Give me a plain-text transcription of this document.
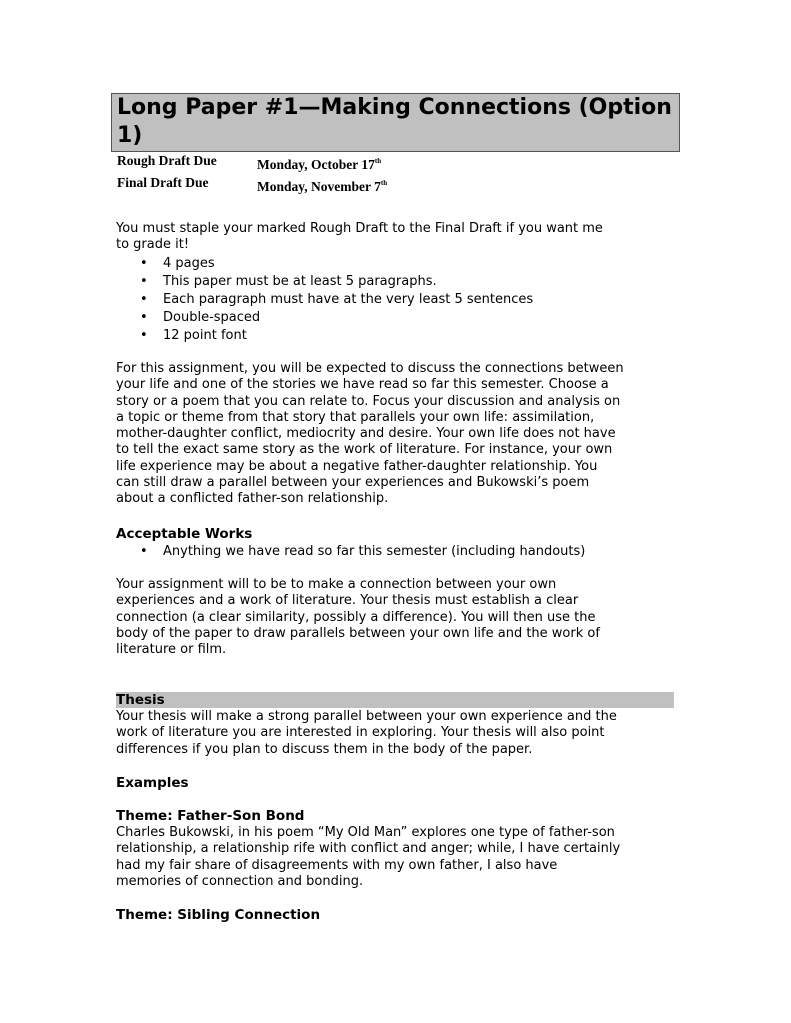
Long Paper #1—Making Connections (Option 1)
Rough Draft Due	Monday, October 17th
Final Draft Due	Monday, November 7th
You must staple your marked Rough Draft to the Final Draft if you want me
to grade it!
• 4 pages
• This paper must be at least 5 paragraphs.
• Each paragraph must have at the very least 5 sentences
• Double-spaced
• 12 point font
For this assignment, you will be expected to discuss the connections between
your life and one of the stories we have read so far this semester. Choose a
story or a poem that you can relate to. Focus your discussion and analysis on
a topic or theme from that story that parallels your own life: assimilation,
mother-daughter conflict, mediocrity and desire. Your own life does not have
to tell the exact same story as the work of literature. For instance, your own
life experience may be about a negative father-daughter relationship. You
can still draw a parallel between your experiences and Bukowski’s poem
about a conflicted father-son relationship.
Acceptable Works
• Anything we have read so far this semester (including handouts)
Your assignment will to be to make a connection between your own
experiences and a work of literature. Your thesis must establish a clear
connection (a clear similarity, possibly a difference). You will then use the
body of the paper to draw parallels between your own life and the work of
literature or film.
Thesis
Your thesis will make a strong parallel between your own experience and the
work of literature you are interested in exploring. Your thesis will also point
differences if you plan to discuss them in the body of the paper.
Examples
Theme: Father-Son Bond
Charles Bukowski, in his poem “My Old Man” explores one type of father-son
relationship, a relationship rife with conflict and anger; while, I have certainly
had my fair share of disagreements with my own father, I also have
memories of connection and bonding.
Theme: Sibling Connection
